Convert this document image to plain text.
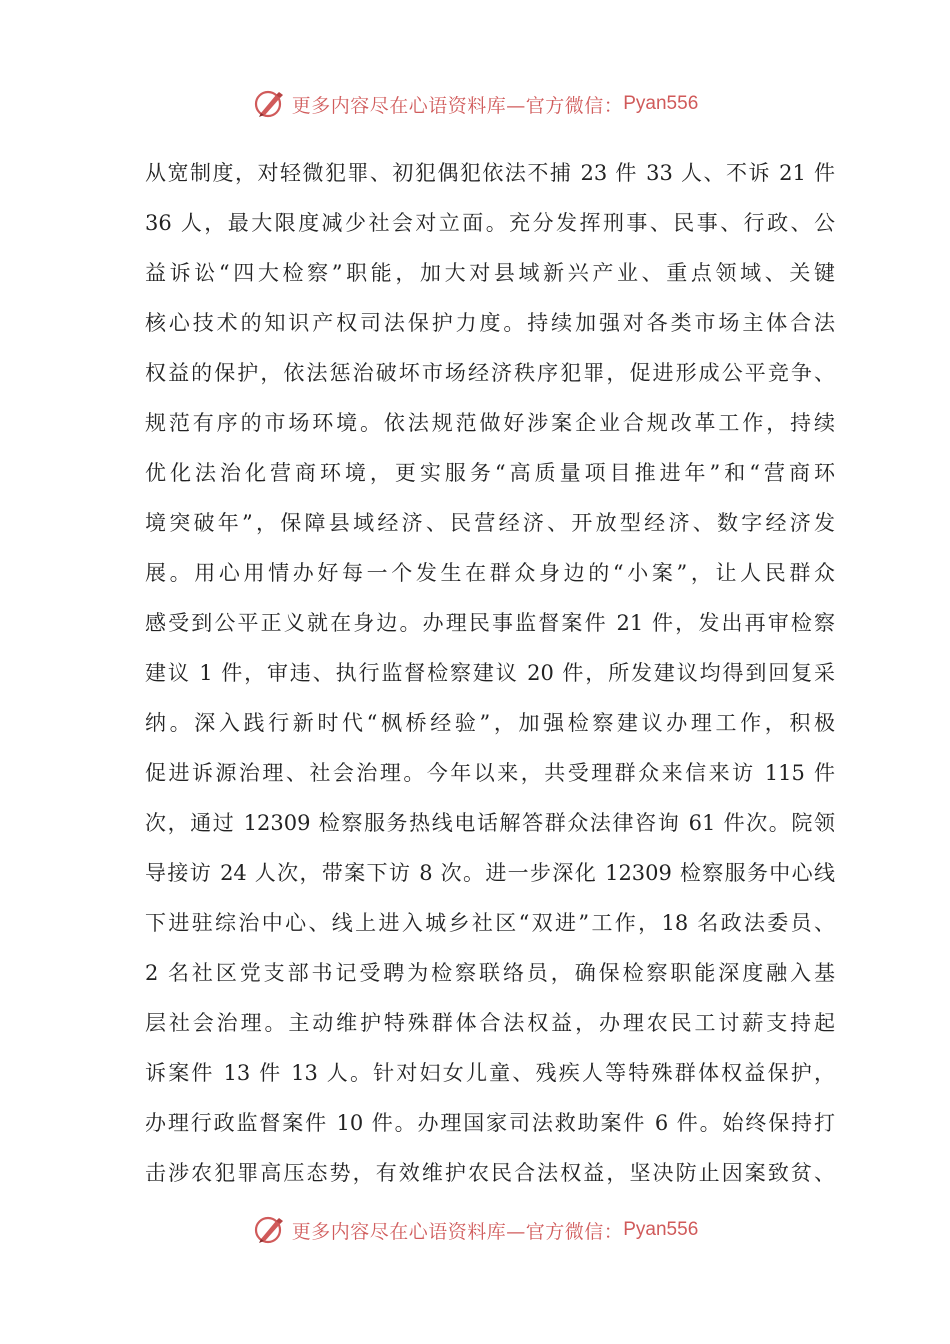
更多内容尽在心语资料库—官方微信： Pyan556
从宽制度，对轻微犯罪、初犯偶犯依法不捕 23 件 33 人、不诉 21 件
36 人，最大限度减少社会对立面。充分发挥刑事、民事、行政、公
益诉讼“四大检察”职能，加大对县域新兴产业、重点领域、关键
核心技术的知识产权司法保护力度。持续加强对各类市场主体合法
权益的保护，依法惩治破坏市场经济秩序犯罪，促进形成公平竞争、
规范有序的市场环境。依法规范做好涉案企业合规改革工作，持续
优化法治化营商环境，更实服务“高质量项目推进年”和“营商环
境突破年”，保障县域经济、民营经济、开放型经济、数字经济发
展。用心用情办好每一个发生在群众身边的“小案”，让人民群众
感受到公平正义就在身边。办理民事监督案件 21 件，发出再审检察
建议 1 件，审违、执行监督检察建议 20 件，所发建议均得到回复采
纳。深入践行新时代“枫桥经验”，加强检察建议办理工作，积极
促进诉源治理、社会治理。今年以来，共受理群众来信来访 115 件
次，通过 12309 检察服务热线电话解答群众法律咨询 61 件次。院领
导接访 24 人次，带案下访 8 次。进一步深化 12309 检察服务中心线
下进驻综治中心、线上进入城乡社区“双进”工作，18 名政法委员、
2 名社区党支部书记受聘为检察联络员，确保检察职能深度融入基
层社会治理。主动维护特殊群体合法权益，办理农民工讨薪支持起
诉案件 13 件 13 人。针对妇女儿童、残疾人等特殊群体权益保护，
办理行政监督案件 10 件。办理国家司法救助案件 6 件。始终保持打
击涉农犯罪高压态势，有效维护农民合法权益，坚决防止因案致贫、
更多内容尽在心语资料库—官方微信： Pyan556
